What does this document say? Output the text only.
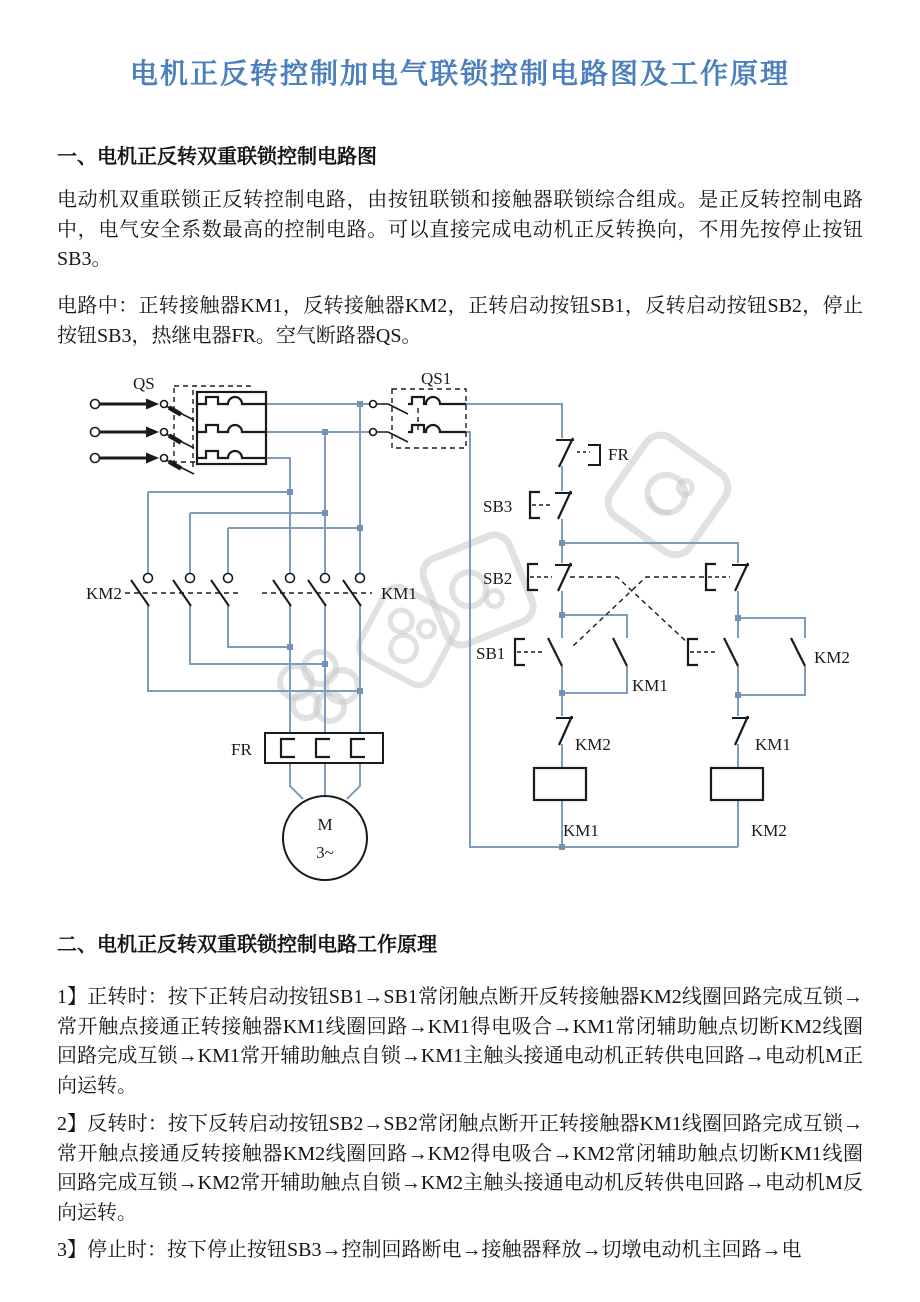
电机正反转控制加电气联锁控制电路图及工作原理
一、电机正反转双重联锁控制电路图
电动机双重联锁正反转控制电路，由按钮联锁和接触器联锁综合组成。是正反转控制电路中，电气安全系数最高的控制电路。可以直接完成电动机正反转换向，不用先按停止按钮SB3。
电路中：正转接触器KM1，反转接触器KM2，正转启动按钮SB1，反转启动按钮SB2，停止按钮SB3，热继电器FR。空气断路器QS。
QS	QS1
KM2	KM1
FR
M
3~
FR
SB3
SB2
SB1
KM1
KM2
KM2	KM1
KM1	KM2
二、电机正反转双重联锁控制电路工作原理
1】正转时：按下正转启动按钮SB1→SB1常闭触点断开反转接触器KM2线圈回路完成互锁→常开触点接通正转接触器KM1线圈回路→KM1得电吸合→KM1常闭辅助触点切断KM2线圈回路完成互锁→KM1常开辅助触点自锁→KM1主触头接通电动机正转供电回路→电动机M正向运转。
2】反转时：按下反转启动按钮SB2→SB2常闭触点断开正转接触器KM1线圈回路完成互锁→常开触点接通反转接触器KM2线圈回路→KM2得电吸合→KM2常闭辅助触点切断KM1线圈回路完成互锁→KM2常开辅助触点自锁→KM2主触头接通电动机反转供电回路→电动机M反向运转。
3】停止时：按下停止按钮SB3→控制回路断电→接触器释放→切墩电动机主回路→电
